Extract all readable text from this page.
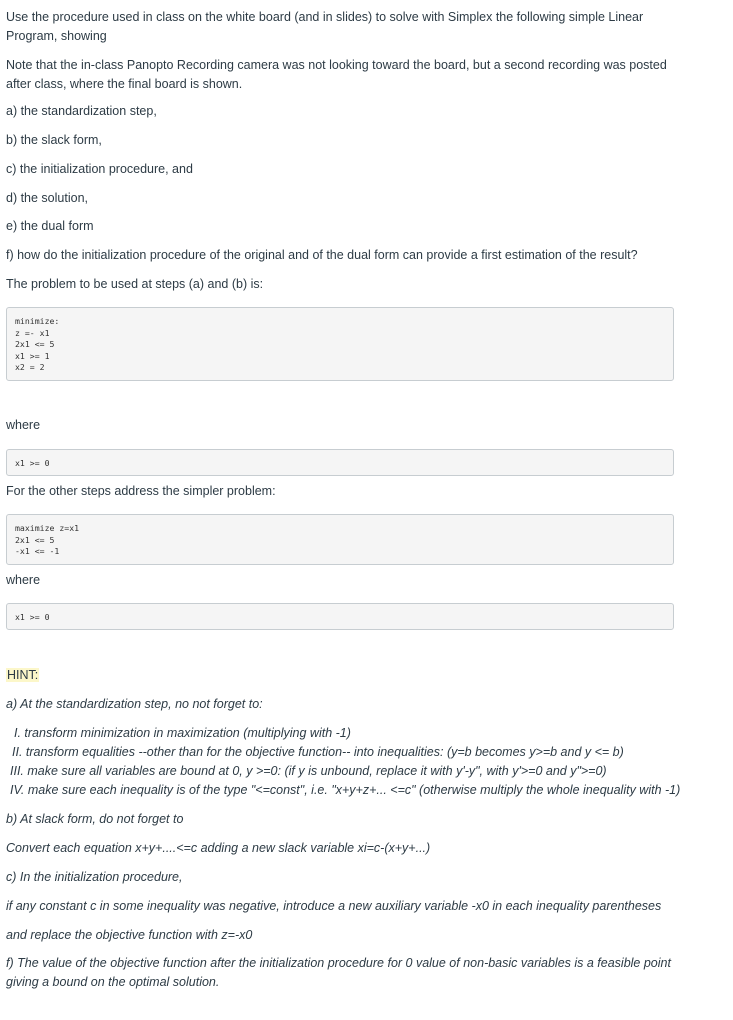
Use the procedure used in class on the white board (and in slides) to solve with Simplex the following simple Linear
Program, showing

Note that the in-class Panopto Recording camera was not looking toward the board, but a second recording was posted
after class, where the final board is shown.

a) the standardization step,

b) the slack form,

c) the initialization procedure, and

d) the solution,

e) the dual form

f) how do the initialization procedure of the original and of the dual form can provide a first estimation of the result?

The problem to be used at steps (a) and (b) is:

minimize:
z =- x1
2x1 <= 5
x1 >= 1
x2 = 2

where

x1 >= 0

For the other steps address the simpler problem:

maximize z=x1
2x1 <= 5
-x1 <= -1

where

x1 >= 0

HINT:

a) At the standardization step, no not forget to:

I. transform minimization in maximization (multiplying with -1)

II. transform equalities --other than for the objective function-- into inequalities: (y=b becomes y>=b and y <= b)

III. make sure all variables are bound at 0, y >=0: (if y is unbound, replace it with y'-y", with y'>=0 and y">=0)

IV. make sure each inequality is of the type "<=const", i.e. "x+y+z+... <=c" (otherwise multiply the whole inequality with -1)

b) At slack form, do not forget to

Convert each equation x+y+....<=c adding a new slack variable xi=c-(x+y+...)

c) In the initialization procedure,

if any constant c in some inequality was negative, introduce a new auxiliary variable -x0 in each inequality parentheses

and replace the objective function with z=-x0

f) The value of the objective function after the initialization procedure for 0 value of non-basic variables is a feasible point

giving a bound on the optimal solution.
